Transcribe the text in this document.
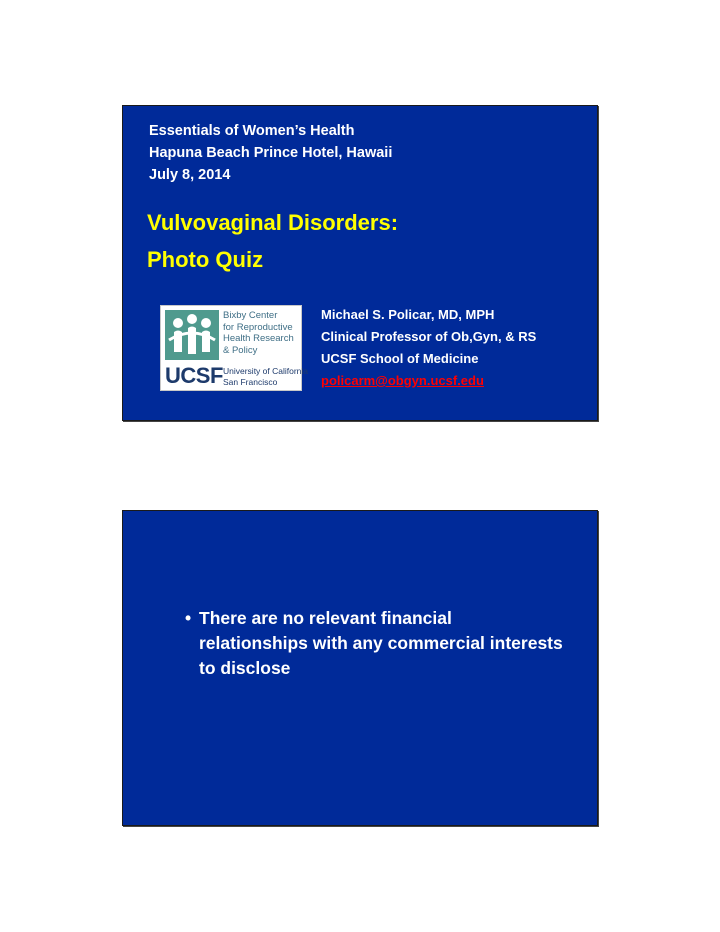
Essentials of Women’s Health
Hapuna Beach Prince Hotel, Hawaii
July 8, 2014
Vulvovaginal Disorders:
Photo Quiz
Bixby Center
for Reproductive
Health Research
& Policy
UCSF University of California
San Francisco
Michael S. Policar, MD, MPH
Clinical Professor of Ob,Gyn, & RS
UCSF School of Medicine
policarm@obgyn.ucsf.edu
• There are no relevant financial relationships with any commercial interests to disclose
